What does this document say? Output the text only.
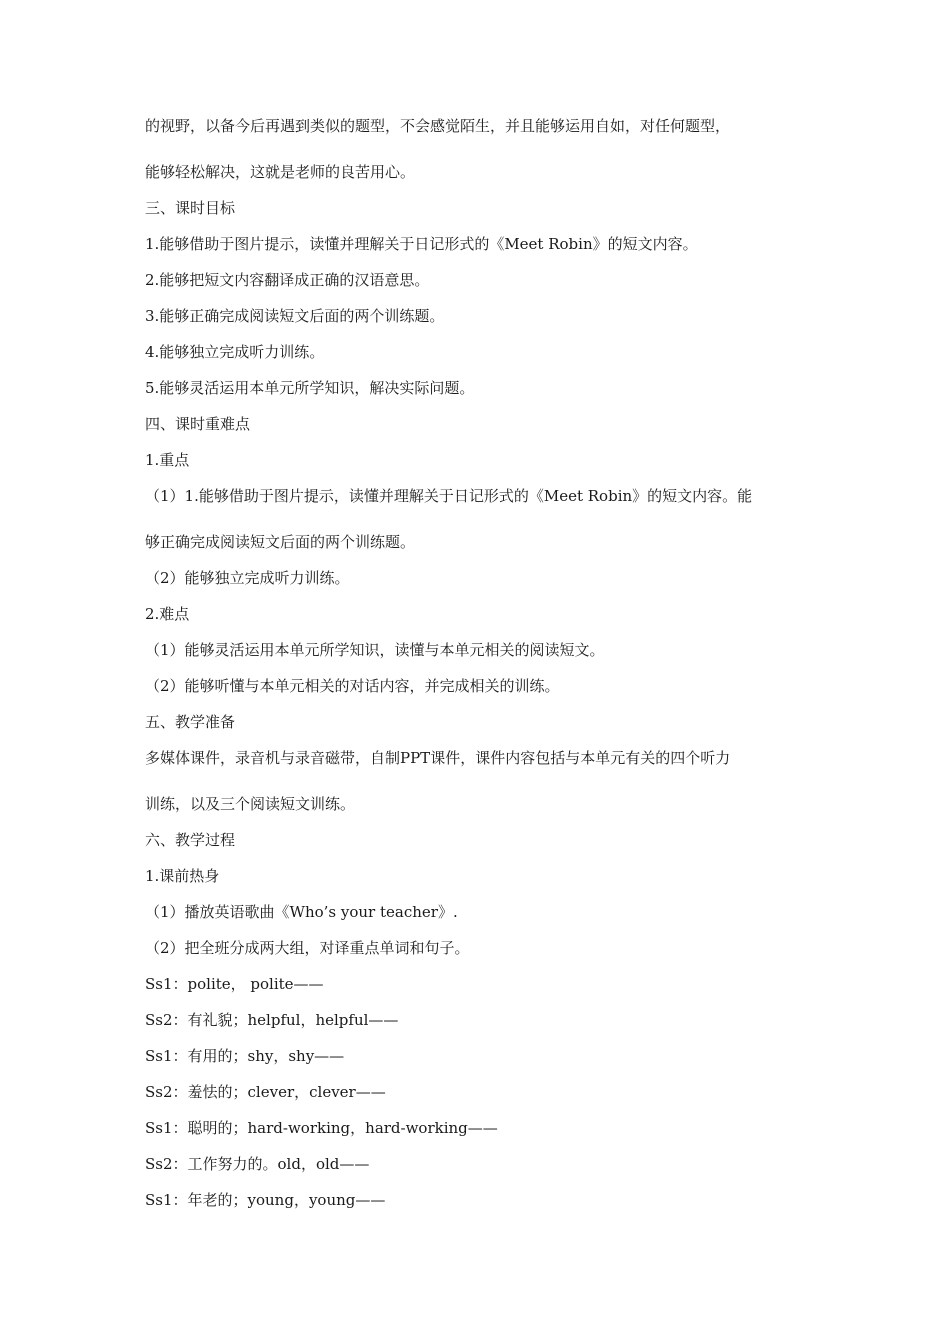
的视野，以备今后再遇到类似的题型，不会感觉陌生，并且能够运用自如，对任何题型，
能够轻松解决，这就是老师的良苦用心。
三、课时目标
1.能够借助于图片提示，读懂并理解关于日记形式的《Meet Robin》的短文内容。
2.能够把短文内容翻译成正确的汉语意思。
3.能够正确完成阅读短文后面的两个训练题。
4.能够独立完成听力训练。
5.能够灵活运用本单元所学知识，解决实际问题。
四、课时重难点
1.重点
（1）1.能够借助于图片提示，读懂并理解关于日记形式的《Meet Robin》的短文内容。能
够正确完成阅读短文后面的两个训练题。
（2）能够独立完成听力训练。
2.难点
（1）能够灵活运用本单元所学知识，读懂与本单元相关的阅读短文。
（2）能够听懂与本单元相关的对话内容，并完成相关的训练。
五、教学准备
多媒体课件，录音机与录音磁带，自制PPT课件，课件内容包括与本单元有关的四个听力
训练，以及三个阅读短文训练。
六、教学过程
1.课前热身
（1）播放英语歌曲《Who’s your teacher》.
（2）把全班分成两大组，对译重点单词和句子。
Ss1：polite， polite——
Ss2：有礼貌；helpful，helpful——
Ss1：有用的；shy，shy——
Ss2：羞怯的；clever，clever——
Ss1：聪明的；hard-working，hard-working——
Ss2：工作努力的。old，old——
Ss1：年老的；young，young——
